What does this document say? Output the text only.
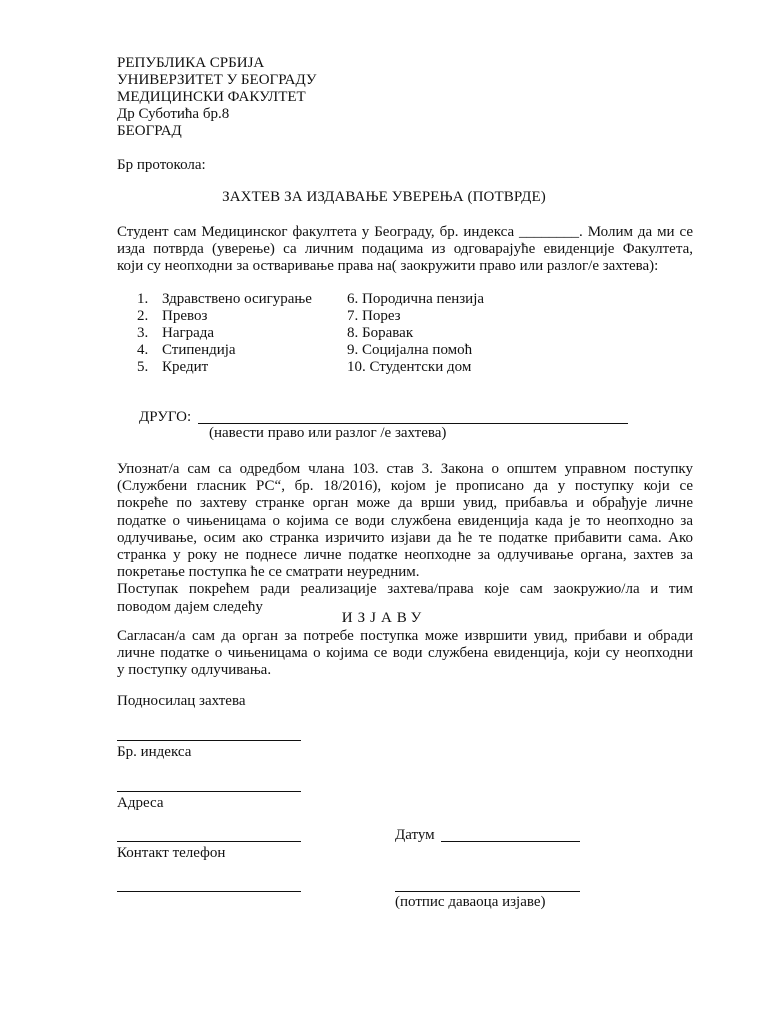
РЕПУБЛИКА СРБИЈА
УНИВЕРЗИТЕТ У БЕОГРАДУ
МЕДИЦИНСКИ ФАКУЛТЕТ
Др Суботића бр.8
БЕОГРАД
Бр протокола:
ЗАХТЕВ ЗА ИЗДАВАЊЕ УВЕРЕЊА (ПОТВРДЕ)
Студент сам Медицинског факултета у Београду, бр. индекса ________. Молим да ми се
изда потврда (уверење) са личним подацима из одговарајуће евиденције Факултета,
који су неопходни за остваривање права на( заокружити право или разлог/е захтева):
1. Здравствено осигурање
2. Превоз
3. Награда
4. Стипендија
5. Кредит
6. Породична пензија
7. Порез
8. Боравак
9. Социјална помоћ
10. Студентски дом
ДРУГО:
(навести право или разлог /е захтева)
Упознат/а сам са одредбом члана 103. став 3. Закона о општем управном поступку
(Службени гласник РС“, бр. 18/2016), којом је прописано да у поступку који се
покреће по захтеву странке орган може да врши увид, прибавља и обрађује личне
податке о чињеницама о којима се води службена евиденција када је то неопходно за
одлучивање, осим ако странка изричито изјави да ће те податке прибавити сама. Ако
странка у року не поднесе личне податке неопходне за одлучивање органа, захтев за
покретање поступка ће се сматрати неуредним.
Поступак покрећем ради реализације захтева/права које сам заокружио/ла и тим
поводом дајем следећу
ИЗЈАВУ
Сагласан/а сам да орган за потребе поступка може извршити увид, прибави и обради
личне податке о чињеницама о којима се води службена евиденција, који су неопходни
у поступку одлучивања.
Подносилац захтева
Бр. индекса
Адреса
Контакт телефон
Датум
(потпис даваоца изјаве)
